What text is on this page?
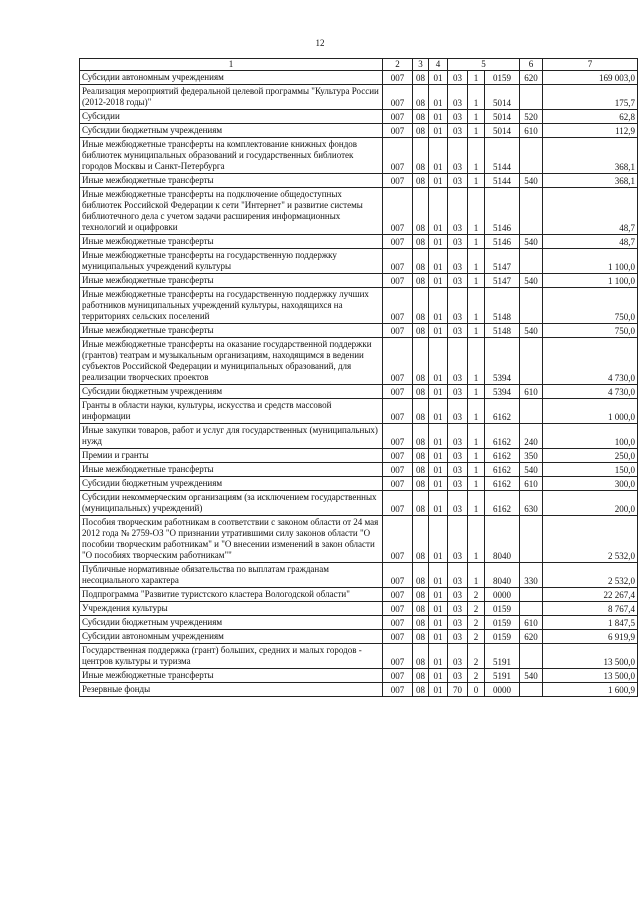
12
1	2	3	4	5			6	7
Субсидии автономным учреждениям	007	08	01	03	1	0159	620	169 003,0
Реализация мероприятий федеральной целевой программы "Культура России (2012-2018 годы)"	007	08	01	03	1	5014		175,7
Субсидии	007	08	01	03	1	5014	520	62,8
Субсидии бюджетным учреждениям	007	08	01	03	1	5014	610	112,9
Иные межбюджетные трансферты на комплектование книжных фондов библиотек муниципальных образований и государственных библиотек городов Москвы и Санкт-Петербурга	007	08	01	03	1	5144		368,1
Иные межбюджетные трансферты	007	08	01	03	1	5144	540	368,1
Иные межбюджетные трансферты на подключение общедоступных библиотек Российской Федерации к сети "Интернет" и развитие системы библиотечного дела с учетом задачи расширения информационных технологий и оцифровки	007	08	01	03	1	5146		48,7
Иные межбюджетные трансферты	007	08	01	03	1	5146	540	48,7
Иные межбюджетные трансферты на государственную поддержку муниципальных учреждений культуры	007	08	01	03	1	5147		1 100,0
Иные межбюджетные трансферты	007	08	01	03	1	5147	540	1 100,0
Иные межбюджетные трансферты на государственную поддержку лучших работников муниципальных учреждений культуры, находящихся на территориях сельских поселений	007	08	01	03	1	5148		750,0
Иные межбюджетные трансферты	007	08	01	03	1	5148	540	750,0
Иные межбюджетные трансферты на оказание государственной поддержки (грантов) театрам и музыкальным организациям, находящимся в ведении субъектов Российской Федерации и муниципальных образований, для реализации творческих проектов	007	08	01	03	1	5394		4 730,0
Субсидии бюджетным учреждениям	007	08	01	03	1	5394	610	4 730,0
Гранты в области науки, культуры, искусства и средств массовой информации	007	08	01	03	1	6162		1 000,0
Иные закупки товаров, работ и услуг для государственных (муниципальных) нужд	007	08	01	03	1	6162	240	100,0
Премии и гранты	007	08	01	03	1	6162	350	250,0
Иные межбюджетные трансферты	007	08	01	03	1	6162	540	150,0
Субсидии бюджетным учреждениям	007	08	01	03	1	6162	610	300,0
Субсидии некоммерческим организациям (за исключением государственных (муниципальных) учреждений)	007	08	01	03	1	6162	630	200,0
Пособия творческим работникам в соответствии с законом области от 24 мая 2012 года № 2759-ОЗ "О признании утратившими силу законов области "О пособии творческим работникам" и "О внесении изменений в закон области "О пособиях творческим работникам""	007	08	01	03	1	8040		2 532,0
Публичные нормативные обязательства по выплатам гражданам несоциального характера	007	08	01	03	1	8040	330	2 532,0
Подпрограмма "Развитие туристского кластера Вологодской области"	007	08	01	03	2	0000		22 267,4
Учреждения культуры	007	08	01	03	2	0159		8 767,4
Субсидии бюджетным учреждениям	007	08	01	03	2	0159	610	1 847,5
Субсидии автономным учреждениям	007	08	01	03	2	0159	620	6 919,9
Государственная поддержка (грант) больших, средних и малых городов - центров культуры и туризма	007	08	01	03	2	5191		13 500,0
Иные межбюджетные трансферты	007	08	01	03	2	5191	540	13 500,0
Резервные фонды	007	08	01	70	0	0000		1 600,9
